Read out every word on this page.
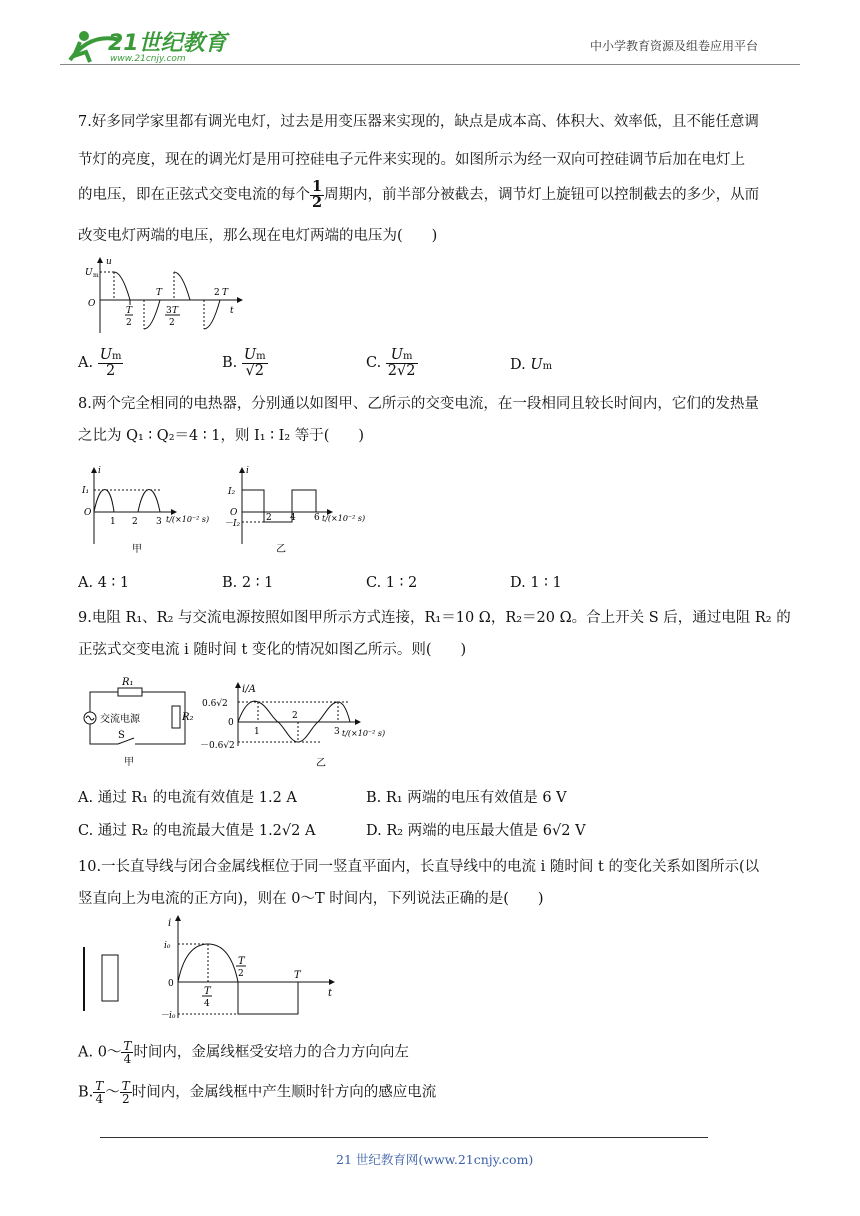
21世纪教育
www.21cnjy.com
中小学教育资源及组卷应用平台
7.好多同学家里都有调光电灯，过去是用变压器来实现的，缺点是成本高、体积大、效率低，且不能任意调
节灯的亮度，现在的调光灯是用可控硅电子元件来实现的。如图所示为经一双向可控硅调节后加在电灯上
的电压，即在正弦式交变电流的每个 $\frac{1}{2}$ 周期内，前半部分被截去，调节灯上旋钮可以控制截去的多少，从而
改变电灯两端的电压，那么现在电灯两端的电压为(　　)
u
U m
O
t
T
2
T
3 T
2
2 T
A. $\frac{Um}{2}$	B. $\frac{Um}{√2}$	C. $\frac{Um}{2√2}$	D. Um
8.两个完全相同的电热器，分别通以如图甲、乙所示的交变电流，在一段相同且较长时间内，它们的发热量
之比为 Q₁ ∶ Q₂＝4 ∶ 1，则 I₁ ∶ I₂ 等于(　　)
i
I₁
O
1 2 3 t/(×10⁻² s)
甲
i
I₂
O
－I₂
2 4 6 t/(×10⁻² s)
乙
A. 4 ∶ 1	B. 2 ∶ 1	C. 1 ∶ 2	D. 1 ∶ 1
9.电阻 R₁、R₂ 与交流电源按照如图甲所示方式连接，R₁＝10 Ω，R₂＝20 Ω。合上开关 S 后，通过电阻 R₂ 的
正弦式交变电流 i 随时间 t 变化的情况如图乙所示。则(　　)
R₁
R₂
交流电源
S
甲
i/A
0.6√2
0
－0.6√2
1
2
3 t/(×10⁻² s)
乙
A. 通过 R₁ 的电流有效值是 1.2 A	B. R₁ 两端的电压有效值是 6 V
C. 通过 R₂ 的电流最大值是 1.2√2 A	D. R₂ 两端的电压最大值是 6√2 V
10.一长直导线与闭合金属线框位于同一竖直平面内，长直导线中的电流 i 随时间 t 的变化关系如图所示(以
竖直向上为电流的正方向)，则在 0～T 时间内，下列说法正确的是(　　)
i
i₀
0
－i₀
t
T
4
T
2	T
A. 0～ $\frac{T}{4}$ 时间内，金属线框受安培力的合力方向向左
B. $\frac{T}{4}$ ～ $\frac{T}{2}$ 时间内，金属线框中产生顺时针方向的感应电流
21 世纪教育网(www.21cnjy.com)
